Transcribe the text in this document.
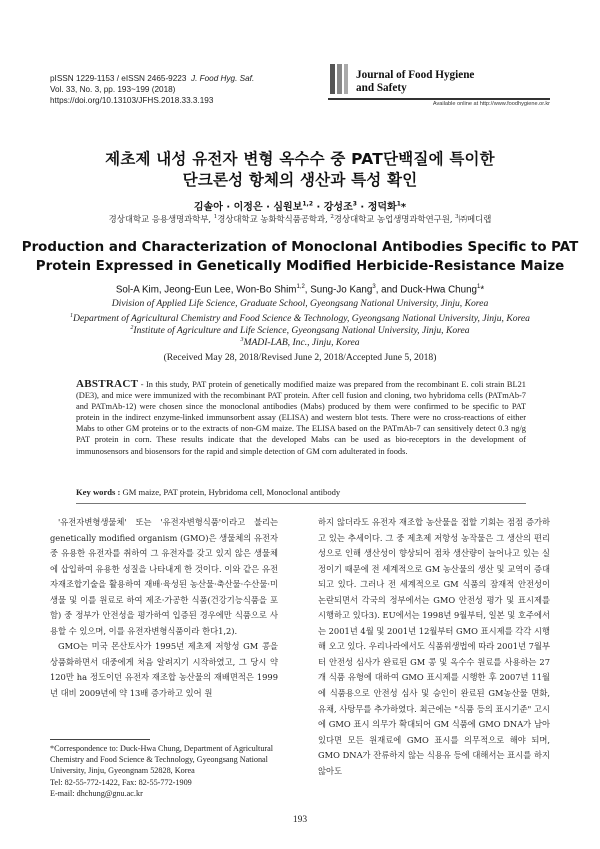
pISSN 1229-1153 / eISSN 2465-9223 J. Food Hyg. Saf.
Vol. 33, No. 3, pp. 193~199 (2018)
https://doi.org/10.13103/JFHS.2018.33.3.193
Journal of Food Hygiene
and Safety
Available online at http://www.foodhygiene.or.kr
제초제 내성 유전자 변형 옥수수 중 PAT단백질에 특이한
단크론성 항체의 생산과 특성 확인
김솔아 · 이정은 · 심원보$^{1,2}$ · 강성조$^3$ · 정덕화$^1$*
경상대학교 응용생명과학부, $^1$경상대학교 농화학식품공학과, $^2$경상대학교 농업생명과학연구원, $^3$㈜메디랩
Production and Characterization of Monoclonal Antibodies Specific to PAT
Protein Expressed in Genetically Modified Herbicide-Resistance Maize
Sol-A Kim, Jeong-Eun Lee, Won-Bo Shim$^{1,2}$, Sung-Jo Kang$^3$, and Duck-Hwa Chung$^1$*
Division of Applied Life Science, Graduate School, Gyeongsang National University, Jinju, Korea
$^1$Department of Agricultural Chemistry and Food Science & Technology, Gyeongsang National University, Jinju, Korea
$^2$Institute of Agriculture and Life Science, Gyeongsang National University, Jinju, Korea
$^3$MADI-LAB, Inc., Jinju, Korea
(Received May 28, 2018/Revised June 2, 2018/Accepted June 5, 2018)
ABSTRACT - In this study, PAT protein of genetically modified maize was prepared from the recombinant E. coli strain BL21 (DE3), and mice were immunized with the recombinant PAT protein. After cell fusion and cloning, two hybridoma cells (PATmAb-7 and PATmAb-12) were chosen since the monoclonal antibodies (Mabs) produced by them were confirmed to be specific to PAT protein in the indirect enzyme-linked immunsorbent assay (ELISA) and western blot tests. There were no cross-reactions of either Mabs to other GM proteins or to the extracts of non-GM maize. The ELISA based on the PATmAb-7 can sensitively detect 0.3 ng/g PAT protein in corn. These results indicate that the developed Mabs can be used as bio-receptors in the development of immunosensors and biosensors for the rapid and simple detection of GM corn adulterated in foods.
Key words : GM maize, PAT protein, Hybridoma cell, Monoclonal antibody

'유전자변형생물체' 또는 '유전자변형식품'이라고 불리는 genetically modified organism (GMO)은 생물체의 유전자 중 유용한 유전자를 취하여 그 유전자를 갖고 있지 않은 생물체에 삽입하여 유용한 성질을 나타내게 한 것이다. 이와 같은 유전자재조합기술을 활용하여 재배·육성된 농산물·축산물·수산물·미생물 및 이를 원료로 하여 제조·가공한 식품(건강기능식품을 포함) 중 정부가 안전성을 평가하여 입증된 경우에만 식품으로 사용할 수 있으며, 이를 유전자변형식품이라 한다1,2).

GMO는 미국 몬산토사가 1995년 제초제 저항성 GM 콩을 상품화하면서 대중에게 처음 알려지기 시작하였고, 그 당시 약 120만 ha 정도이던 유전자 재조합 농산물의 재배면적은 1999년 대비 2009년에 약 13배 증가하고 있어 원

하지 않더라도 유전자 재조합 농산물을 접할 기회는 점점 증가하고 있는 추세이다. 그 중 제초제 저항성 농작물은 그 생산의 편리성으로 인해 생산성이 향상되어 점차 생산량이 늘어나고 있는 실정이기 때문에 전 세계적으로 GM 농산물의 생산 및 교역이 증대되고 있다. 그러나 전 세계적으로 GM 식품의 잠재적 안전성이 논란되면서 각국의 정부에서는 GMO 안전성 평가 및 표시제를 시행하고 있다3). EU에서는 1998년 9월부터, 일본 및 호주에서는 2001년 4월 및 2001년 12월부터 GMO 표시제를 각각 시행해 오고 있다. 우리나라에서도 식품위생법에 따라 2001년 7월부터 안전성 심사가 완료된 GM 콩 및 옥수수 원료를 사용하는 27개 식품 유형에 대하여 GMO 표시제를 시행한 후 2007년 11월에 식품용으로 안전성 심사 및 승인이 완료된 GM농산물 면화, 유채, 사탕무를 추가하였다. 최근에는 "식품 등의 표시기준" 고시에 GMO 표시 의무가 확대되어 GM 식품에 GMO DNA가 남아 있다면 모든 원재료에 GMO 표시를 의무적으로 해야 되며, GMO DNA가 잔류하지 않는 식용유 등에 대해서는 표시를 하지 않아도

*Correspondence to: Duck-Hwa Chung, Department of Agricultural Chemistry and Food Science & Technology, Gyeongsang National University, Jinju, Gyeongnam 52828, Korea
Tel: 82-55-772-1422, Fax: 82-55-772-1909
E-mail: dhchung@gnu.ac.kr
193
